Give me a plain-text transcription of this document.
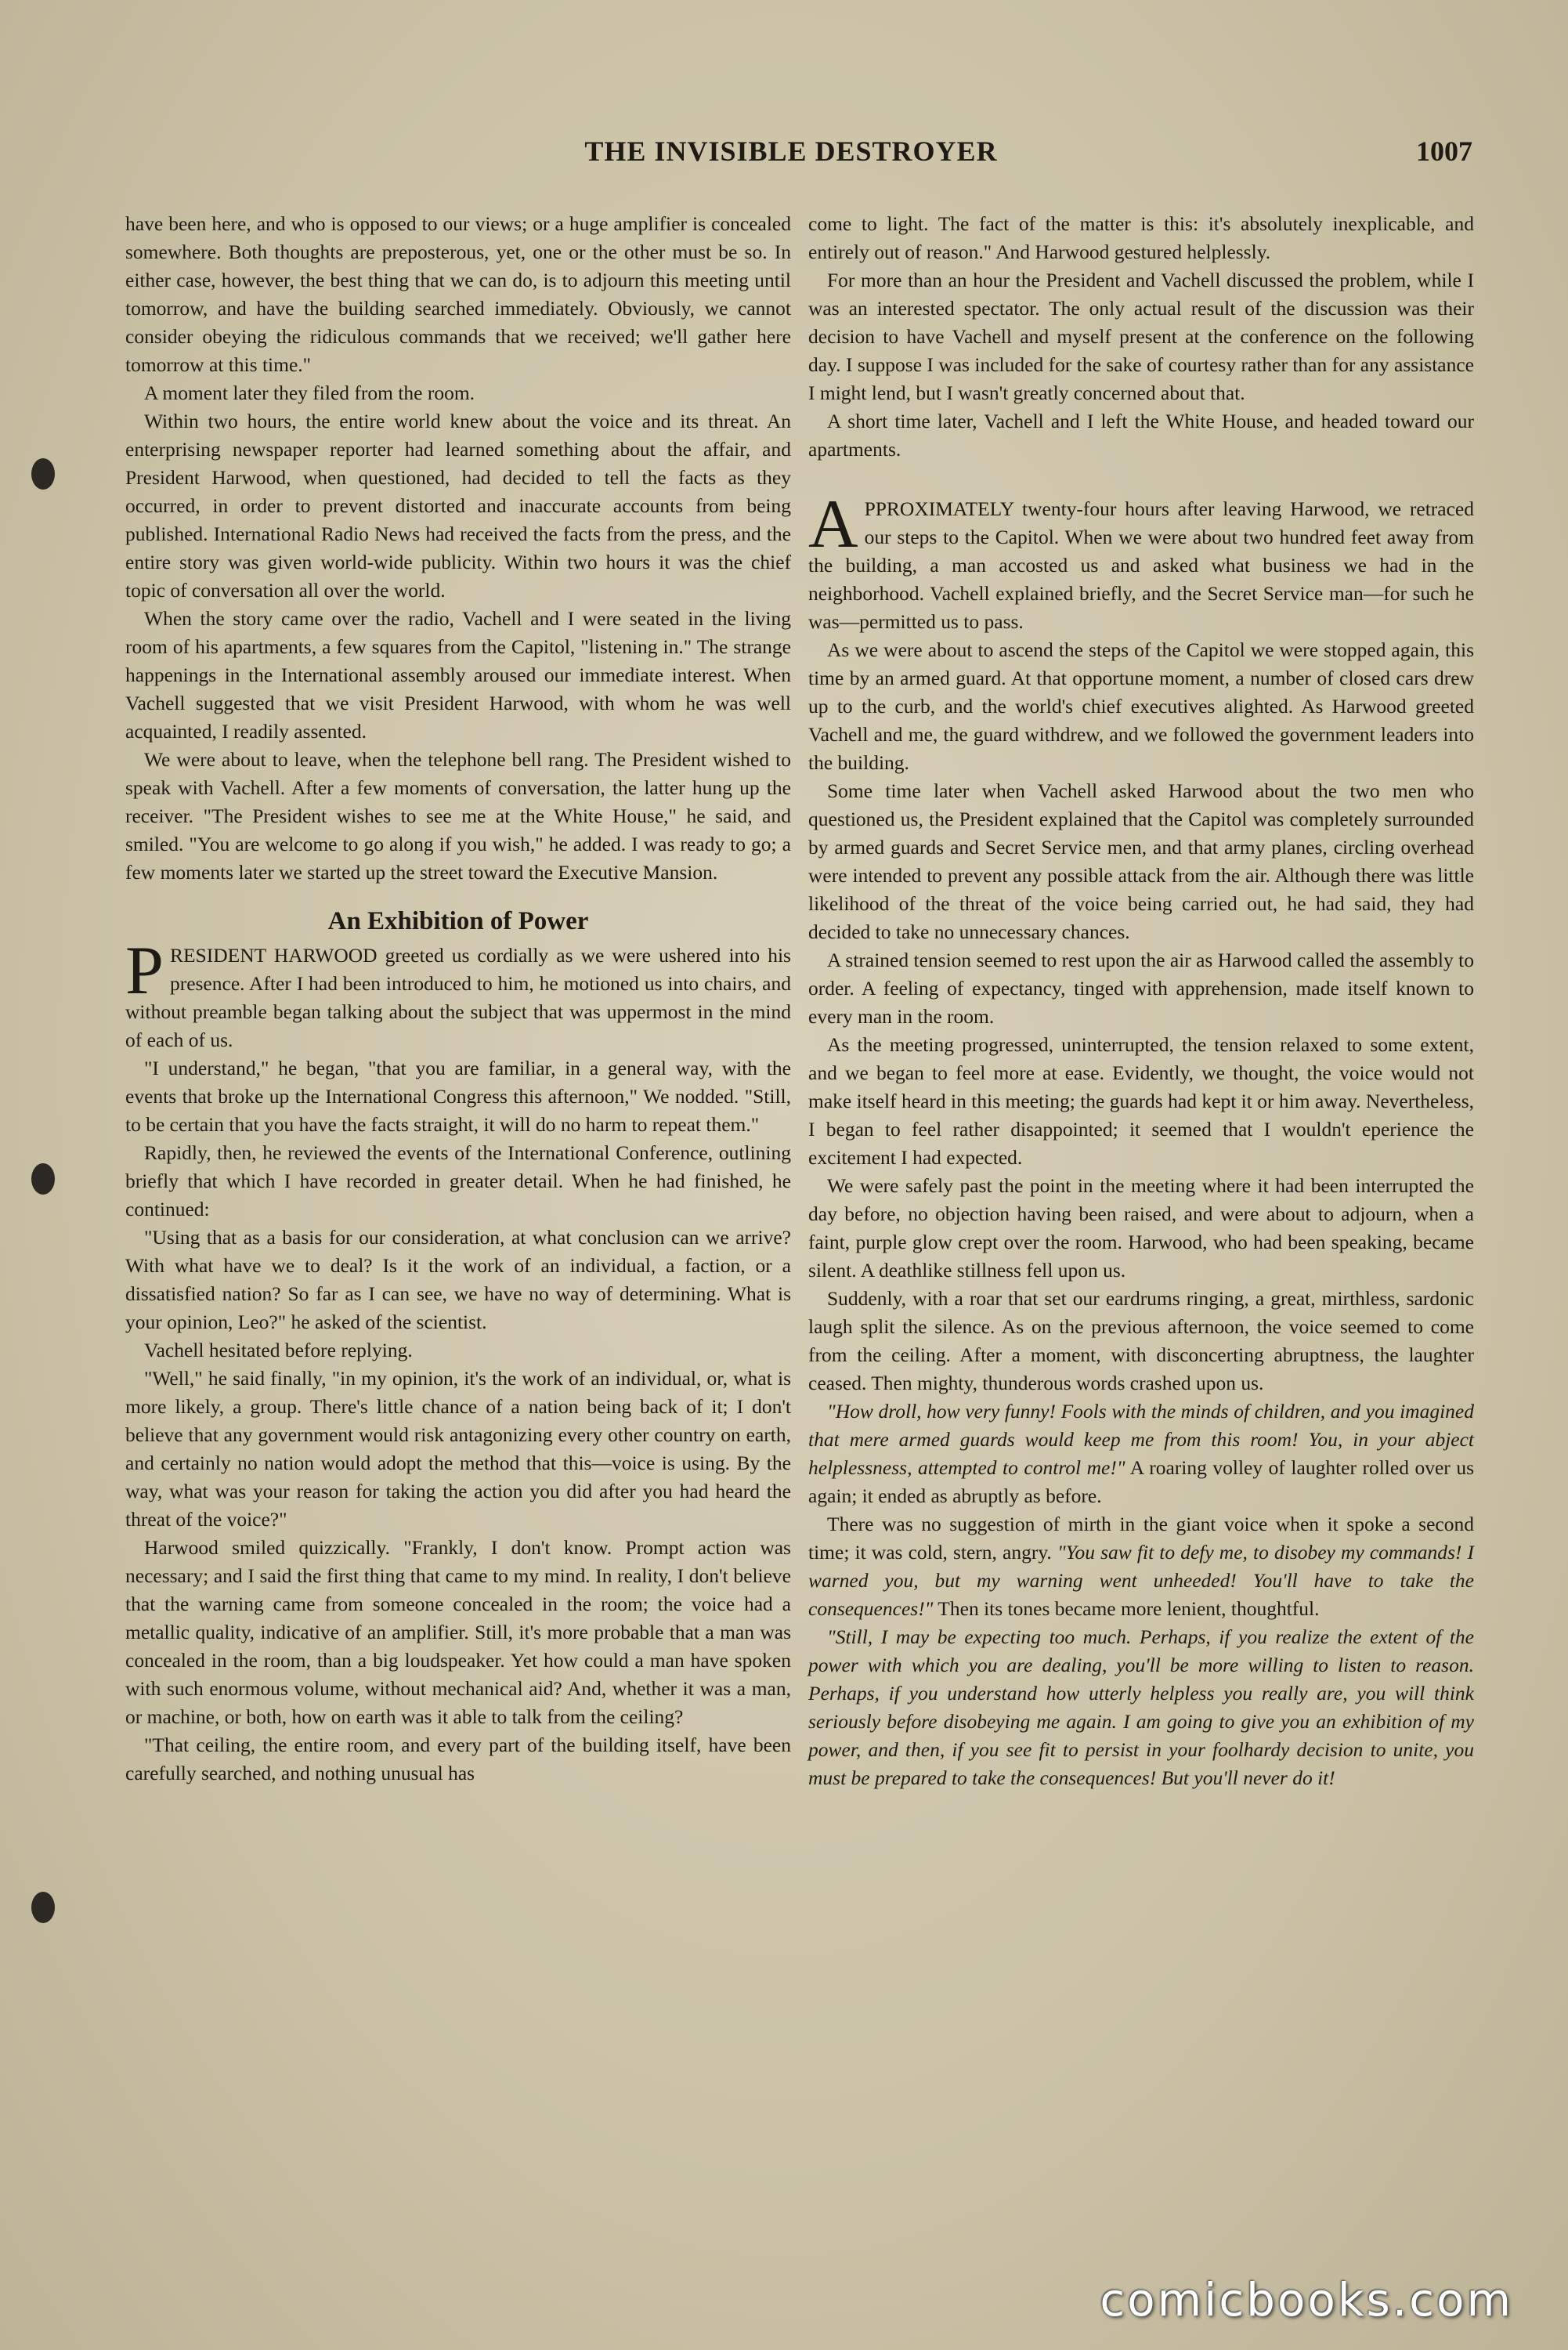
THE INVISIBLE DESTROYER	1007

have been here, and who is opposed to our views; or a huge amplifier is concealed somewhere. Both thoughts are preposterous, yet, one or the other must be so. In either case, however, the best thing that we can do, is to adjourn this meeting until tomorrow, and have the building searched immediately. Obviously, we cannot consider obeying the ridiculous commands that we received; we'll gather here tomorrow at this time."

A moment later they filed from the room.

Within two hours, the entire world knew about the voice and its threat. An enterprising newspaper reporter had learned something about the affair, and President Harwood, when questioned, had decided to tell the facts as they occurred, in order to prevent distorted and inaccurate accounts from being published. International Radio News had received the facts from the press, and the entire story was given world-wide publicity. Within two hours it was the chief topic of conversation all over the world.

When the story came over the radio, Vachell and I were seated in the living room of his apartments, a few squares from the Capitol, "listening in." The strange happenings in the International assembly aroused our immediate interest. When Vachell suggested that we visit President Harwood, with whom he was well acquainted, I readily assented.

We were about to leave, when the telephone bell rang. The President wished to speak with Vachell. After a few moments of conversation, the latter hung up the receiver. "The President wishes to see me at the White House," he said, and smiled. "You are welcome to go along if you wish," he added. I was ready to go; a few moments later we started up the street toward the Executive Mansion.

An Exhibition of Power

PRESIDENT HARWOOD greeted us cordially as we were ushered into his presence. After I had been introduced to him, he motioned us into chairs, and without preamble began talking about the subject that was uppermost in the mind of each of us.

"I understand," he began, "that you are familiar, in a general way, with the events that broke up the International Congress this afternoon," We nodded. "Still, to be certain that you have the facts straight, it will do no harm to repeat them."

Rapidly, then, he reviewed the events of the International Conference, outlining briefly that which I have recorded in greater detail. When he had finished, he continued:

"Using that as a basis for our consideration, at what conclusion can we arrive? With what have we to deal? Is it the work of an individual, a faction, or a dissatisfied nation? So far as I can see, we have no way of determining. What is your opinion, Leo?" he asked of the scientist.

Vachell hesitated before replying.

"Well," he said finally, "in my opinion, it's the work of an individual, or, what is more likely, a group. There's little chance of a nation being back of it; I don't believe that any government would risk antagonizing every other country on earth, and certainly no nation would adopt the method that this—voice is using. By the way, what was your reason for taking the action you did after you had heard the threat of the voice?"

Harwood smiled quizzically. "Frankly, I don't know. Prompt action was necessary; and I said the first thing that came to my mind. In reality, I don't believe that the warning came from someone concealed in the room; the voice had a metallic quality, indicative of an amplifier. Still, it's more probable that a man was concealed in the room, than a big loudspeaker. Yet how could a man have spoken with such enormous volume, without mechanical aid? And, whether it was a man, or machine, or both, how on earth was it able to talk from the ceiling?

"That ceiling, the entire room, and every part of the building itself, have been carefully searched, and nothing unusual has

come to light. The fact of the matter is this: it's absolutely inexplicable, and entirely out of reason." And Harwood gestured helplessly.

For more than an hour the President and Vachell discussed the problem, while I was an interested spectator. The only actual result of the discussion was their decision to have Vachell and myself present at the conference on the following day. I suppose I was included for the sake of courtesy rather than for any assistance I might lend, but I wasn't greatly concerned about that.

A short time later, Vachell and I left the White House, and headed toward our apartments.

APPROXIMATELY twenty-four hours after leaving Harwood, we retraced our steps to the Capitol. When we were about two hundred feet away from the building, a man accosted us and asked what business we had in the neighborhood. Vachell explained briefly, and the Secret Service man—for such he was—permitted us to pass.

As we were about to ascend the steps of the Capitol we were stopped again, this time by an armed guard. At that opportune moment, a number of closed cars drew up to the curb, and the world's chief executives alighted. As Harwood greeted Vachell and me, the guard withdrew, and we followed the government leaders into the building.

Some time later when Vachell asked Harwood about the two men who questioned us, the President explained that the Capitol was completely surrounded by armed guards and Secret Service men, and that army planes, circling overhead were intended to prevent any possible attack from the air. Although there was little likelihood of the threat of the voice being carried out, he had said, they had decided to take no unnecessary chances.

A strained tension seemed to rest upon the air as Harwood called the assembly to order. A feeling of expectancy, tinged with apprehension, made itself known to every man in the room.

As the meeting progressed, uninterrupted, the tension relaxed to some extent, and we began to feel more at ease. Evidently, we thought, the voice would not make itself heard in this meeting; the guards had kept it or him away. Nevertheless, I began to feel rather disappointed; it seemed that I wouldn't eperience the excitement I had expected.

We were safely past the point in the meeting where it had been interrupted the day before, no objection having been raised, and were about to adjourn, when a faint, purple glow crept over the room. Harwood, who had been speaking, became silent. A deathlike stillness fell upon us.

Suddenly, with a roar that set our eardrums ringing, a great, mirthless, sardonic laugh split the silence. As on the previous afternoon, the voice seemed to come from the ceiling. After a moment, with disconcerting abruptness, the laughter ceased. Then mighty, thunderous words crashed upon us.

"How droll, how very funny! Fools with the minds of children, and you imagined that mere armed guards would keep me from this room! You, in your abject helplessness, attempted to control me!" A roaring volley of laughter rolled over us again; it ended as abruptly as before.

There was no suggestion of mirth in the giant voice when it spoke a second time; it was cold, stern, angry. "You saw fit to defy me, to disobey my commands! I warned you, but my warning went unheeded! You'll have to take the consequences!" Then its tones became more lenient, thoughtful.

"Still, I may be expecting too much. Perhaps, if you realize the extent of the power with which you are dealing, you'll be more willing to listen to reason. Perhaps, if you understand how utterly helpless you really are, you will think seriously before disobeying me again. I am going to give you an exhibition of my power, and then, if you see fit to persist in your foolhardy decision to unite, you must be prepared to take the consequences! But you'll never do it!

comicbooks.com
